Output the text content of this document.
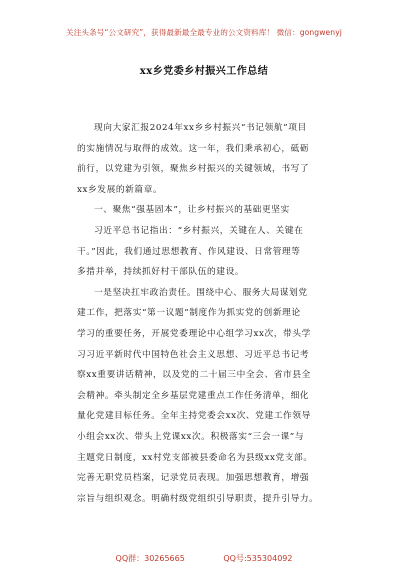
关注头条号“公文研究”，获得最新最全最专业的公文资料库！ 微信：gongwenyj
xx乡党委乡村振兴工作总结
现向大家汇报2024年xx乡乡村振兴“书记领航”项目
的实施情况与取得的成效。这一年，我们秉承初心，砥砺
前行，以党建为引领，聚焦乡村振兴的关键领域，书写了
xx乡发展的新篇章。
一、聚焦“强基固本”，让乡村振兴的基础更坚实
习近平总书记指出：“乡村振兴，关键在人、关键在
干。”因此，我们通过思想教育、作风建设、日常管理等
多措并举，持续抓好村干部队伍的建设。
一是坚决扛牢政治责任。围绕中心、服务大局谋划党
建工作，把落实“第一议题”制度作为抓实党的创新理论
学习的重要任务，开展党委理论中心组学习xx次，带头学
习习近平新时代中国特色社会主义思想、习近平总书记考
察xx重要讲话精神，以及党的二十届三中全会、省市县全
会精神。牵头制定全乡基层党建重点工作任务清单，细化
量化党建目标任务。全年主持党委会xx次、党建工作领导
小组会xx次、带头上党课xx次。积极落实“三会一课”与
主题党日制度，xx村党支部被县委命名为县级xx党支部。
完善无职党员档案，记录党员表现。加强思想教育，增强
宗旨与组织观念。明确村级党组织引导职责，提升引导力。
QQ群：30265665	QQ号:535304092
